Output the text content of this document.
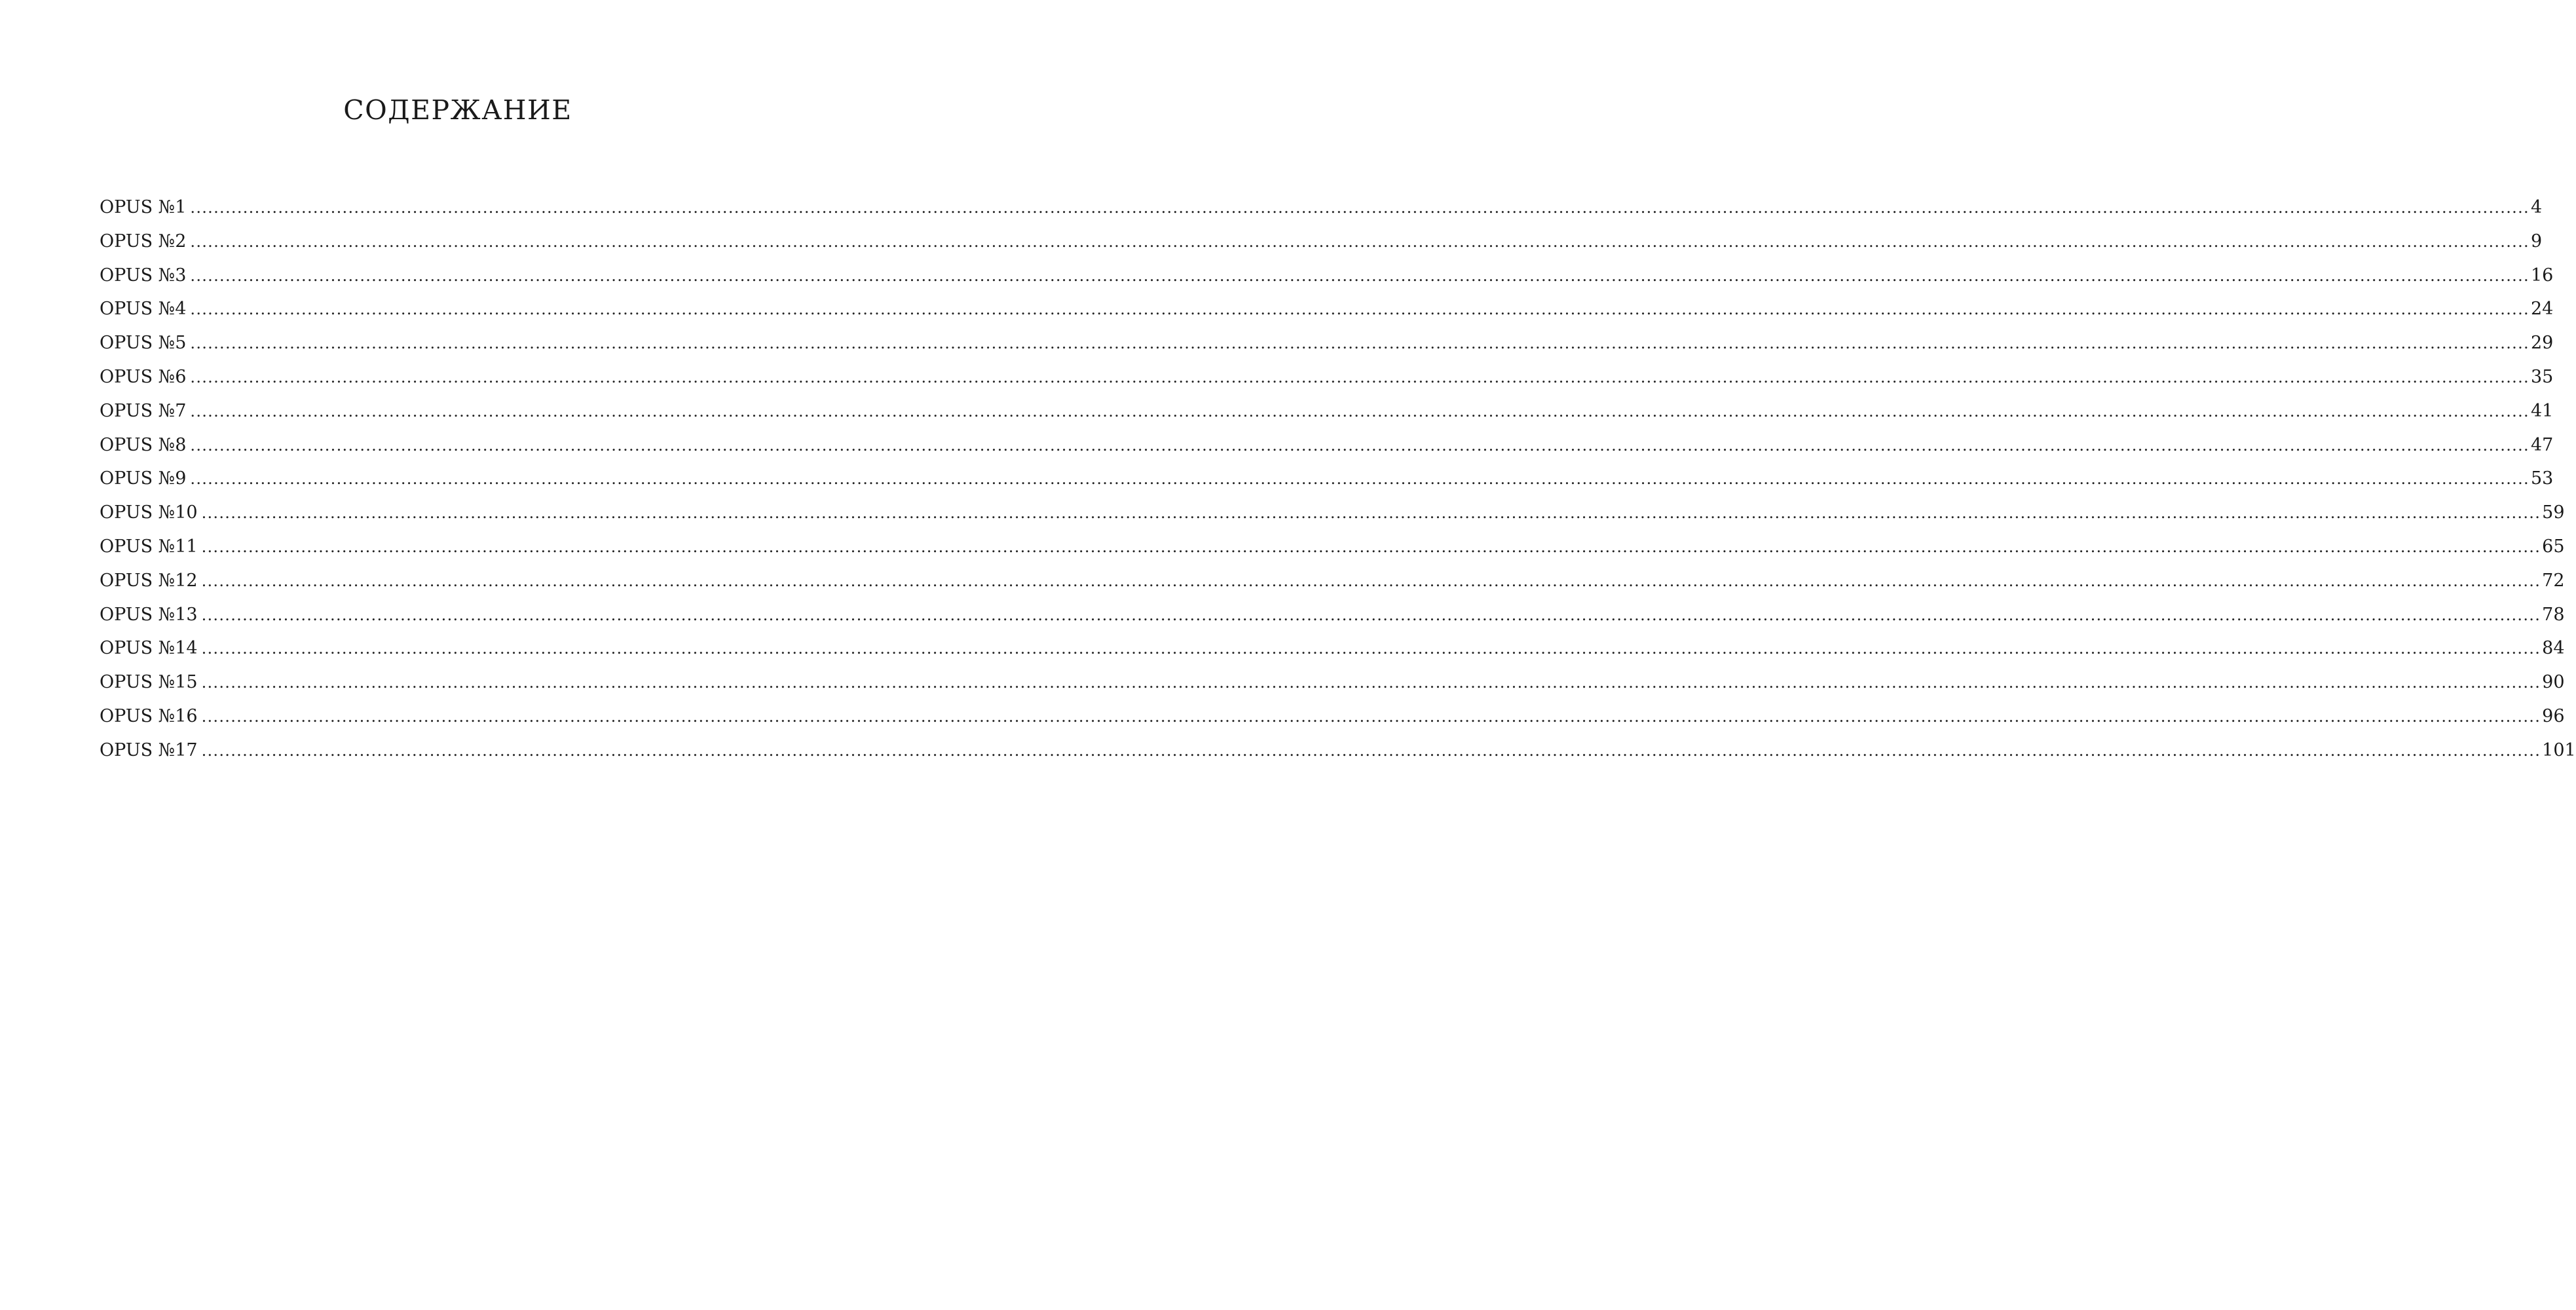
СОДЕРЖАНИЕ
OPUS №1 ................................................................................................................................................................................................................................................................................................................................................................................................................ 4
OPUS №2 ................................................................................................................................................................................................................................................................................................................................................................................................................ 9
OPUS №3 ................................................................................................................................................................................................................................................................................................................................................................................................................ 16
OPUS №4 ................................................................................................................................................................................................................................................................................................................................................................................................................ 24
OPUS №5 ................................................................................................................................................................................................................................................................................................................................................................................................................ 29
OPUS №6 ................................................................................................................................................................................................................................................................................................................................................................................................................ 35
OPUS №7 ................................................................................................................................................................................................................................................................................................................................................................................................................ 41
OPUS №8 ................................................................................................................................................................................................................................................................................................................................................................................................................ 47
OPUS №9 ................................................................................................................................................................................................................................................................................................................................................................................................................ 53
OPUS №10 ................................................................................................................................................................................................................................................................................................................................................................................................................ 59
OPUS №11 ................................................................................................................................................................................................................................................................................................................................................................................................................ 65
OPUS №12 ................................................................................................................................................................................................................................................................................................................................................................................................................ 72
OPUS №13 ................................................................................................................................................................................................................................................................................................................................................................................................................ 78
OPUS №14 ................................................................................................................................................................................................................................................................................................................................................................................................................ 84
OPUS №15 ................................................................................................................................................................................................................................................................................................................................................................................................................ 90
OPUS №16 ................................................................................................................................................................................................................................................................................................................................................................................................................ 96
OPUS №17 ................................................................................................................................................................................................................................................................................................................................................................................................................ 101
